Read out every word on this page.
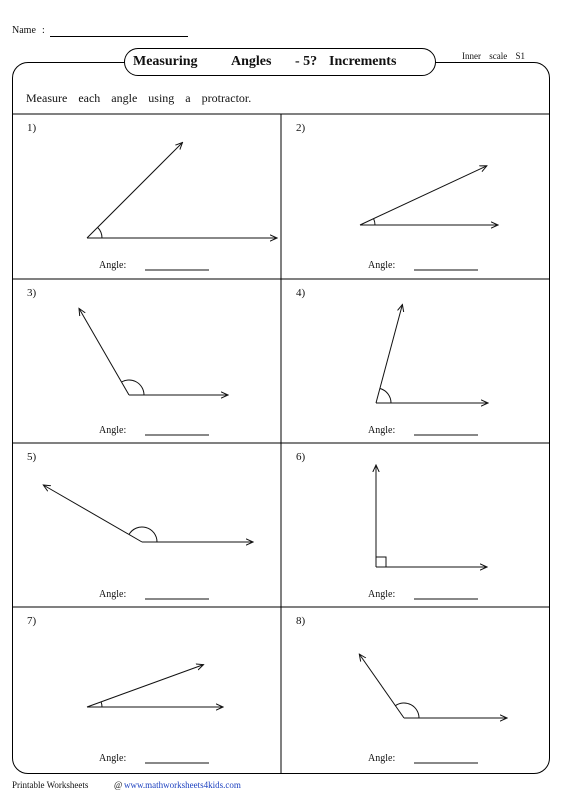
Name :
Measuring Angles - 5? Increments	Inner scale S1
Measure each angle using a protractor.
1)
Angle:
2)
Angle:
3)
Angle:
4)
Angle:
5)
Angle:
6)
Angle:
7)
Angle:
8)
Angle:
Printable Worksheets	@ www.mathworksheets4kids.com
